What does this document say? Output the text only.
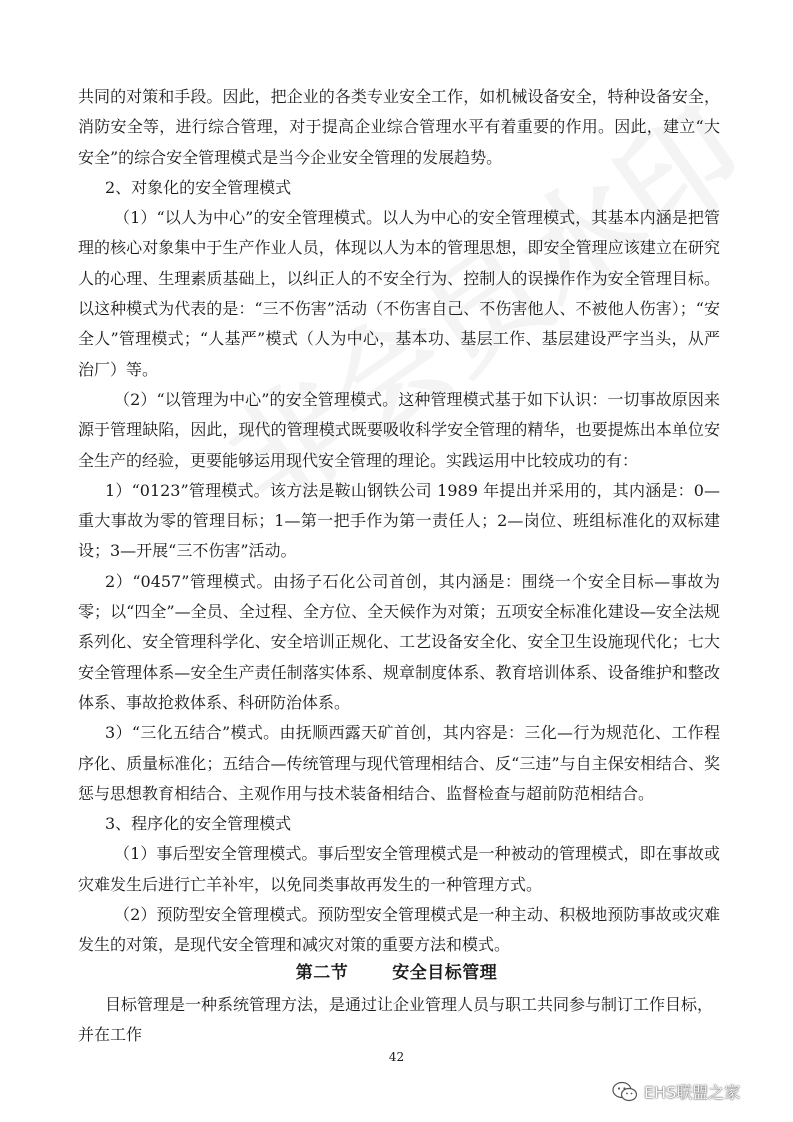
共同的对策和手段。因此，把企业的各类专业安全工作，如机械设备安全，特种设备安全，消防安全等，进行综合管理，对于提高企业综合管理水平有着重要的作用。因此，建立“大安全”的综合安全管理模式是当今企业安全管理的发展趋势。

2、对象化的安全管理模式

（1）“以人为中心”的安全管理模式。以人为中心的安全管理模式，其基本内涵是把管理的核心对象集中于生产作业人员，体现以人为本的管理思想，即安全管理应该建立在研究人的心理、生理素质基础上，以纠正人的不安全行为、控制人的误操作作为安全管理目标。以这种模式为代表的是：“三不伤害”活动（不伤害自己、不伤害他人、不被他人伤害）；“安全人”管理模式；“人基严”模式（人为中心，基本功、基层工作、基层建设严字当头，从严治厂）等。

（2）“以管理为中心”的安全管理模式。这种管理模式基于如下认识：一切事故原因来源于管理缺陷，因此，现代的管理模式既要吸收科学安全管理的精华，也要提炼出本单位安全生产的经验，更要能够运用现代安全管理的理论。实践运用中比较成功的有：

1）“0123”管理模式。该方法是鞍山钢铁公司 1989 年提出并采用的，其内涵是：0—重大事故为零的管理目标；1—第一把手作为第一责任人；2—岗位、班组标准化的双标建设；3—开展“三不伤害”活动。

2）“0457”管理模式。由扬子石化公司首创，其内涵是：围绕一个安全目标—事故为零；以“四全”—全员、全过程、全方位、全天候作为对策；五项安全标准化建设—安全法规系列化、安全管理科学化、安全培训正规化、工艺设备安全化、安全卫生设施现代化；七大安全管理体系—安全生产责任制落实体系、规章制度体系、教育培训体系、设备维护和整改体系、事故抢救体系、科研防治体系。

3）“三化五结合”模式。由抚顺西露天矿首创，其内容是：三化—行为规范化、工作程序化、质量标准化；五结合—传统管理与现代管理相结合、反“三违”与自主保安相结合、奖惩与思想教育相结合、主观作用与技术装备相结合、监督检查与超前防范相结合。

3、程序化的安全管理模式

（1）事后型安全管理模式。事后型安全管理模式是一种被动的管理模式，即在事故或灾难发生后进行亡羊补牢，以免同类事故再发生的一种管理方式。

（2）预防型安全管理模式。预防型安全管理模式是一种主动、积极地预防事故或灾难发生的对策，是现代安全管理和减灾对策的重要方法和模式。

第二节	安全目标管理

目标管理是一种系统管理方法，是通过让企业管理人员与职工共同参与制订工作目标，并在工作

42
EHS联盟之家
